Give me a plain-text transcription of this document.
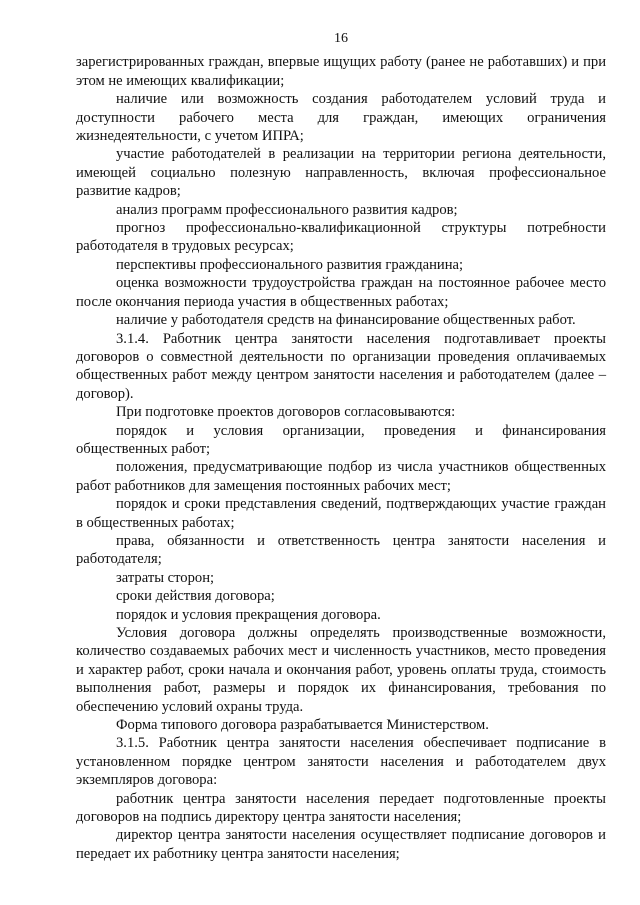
16

зарегистрированных граждан, впервые ищущих работу (ранее не работавших) и при этом не имеющих квалификации;

наличие или возможность создания работодателем условий труда и доступности рабочего места для граждан, имеющих ограничения жизнедеятельности, с учетом ИПРА;

участие работодателей в реализации на территории региона деятельности, имеющей социально полезную направленность, включая профессиональное развитие кадров;

анализ программ профессионального развития кадров;

прогноз профессионально-квалификационной структуры потребности работодателя в трудовых ресурсах;

перспективы профессионального развития гражданина;

оценка возможности трудоустройства граждан на постоянное рабочее место после окончания периода участия в общественных работах;

наличие у работодателя средств на финансирование общественных работ.

3.1.4. Работник центра занятости населения подготавливает проекты договоров о совместной деятельности по организации проведения оплачиваемых общественных работ между центром занятости населения и работодателем (далее – договор).

При подготовке проектов договоров согласовываются:

порядок и условия организации, проведения и финансирования общественных работ;

положения, предусматривающие подбор из числа участников общественных работ работников для замещения постоянных рабочих мест;

порядок и сроки представления сведений, подтверждающих участие граждан в общественных работах;

права, обязанности и ответственность центра занятости населения и работодателя;

затраты сторон;

сроки действия договора;

порядок и условия прекращения договора.

Условия договора должны определять производственные возможности, количество создаваемых рабочих мест и численность участников, место проведения и характер работ, сроки начала и окончания работ, уровень оплаты труда, стоимость выполнения работ, размеры и порядок их финансирования, требования по обеспечению условий охраны труда.

Форма типового договора разрабатывается Министерством.

3.1.5. Работник центра занятости населения обеспечивает подписание в установленном порядке центром занятости населения и работодателем двух экземпляров договора:

работник центра занятости населения передает подготовленные проекты договоров на подпись директору центра занятости населения;

директор центра занятости населения осуществляет подписание договоров и передает их работнику центра занятости населения;
